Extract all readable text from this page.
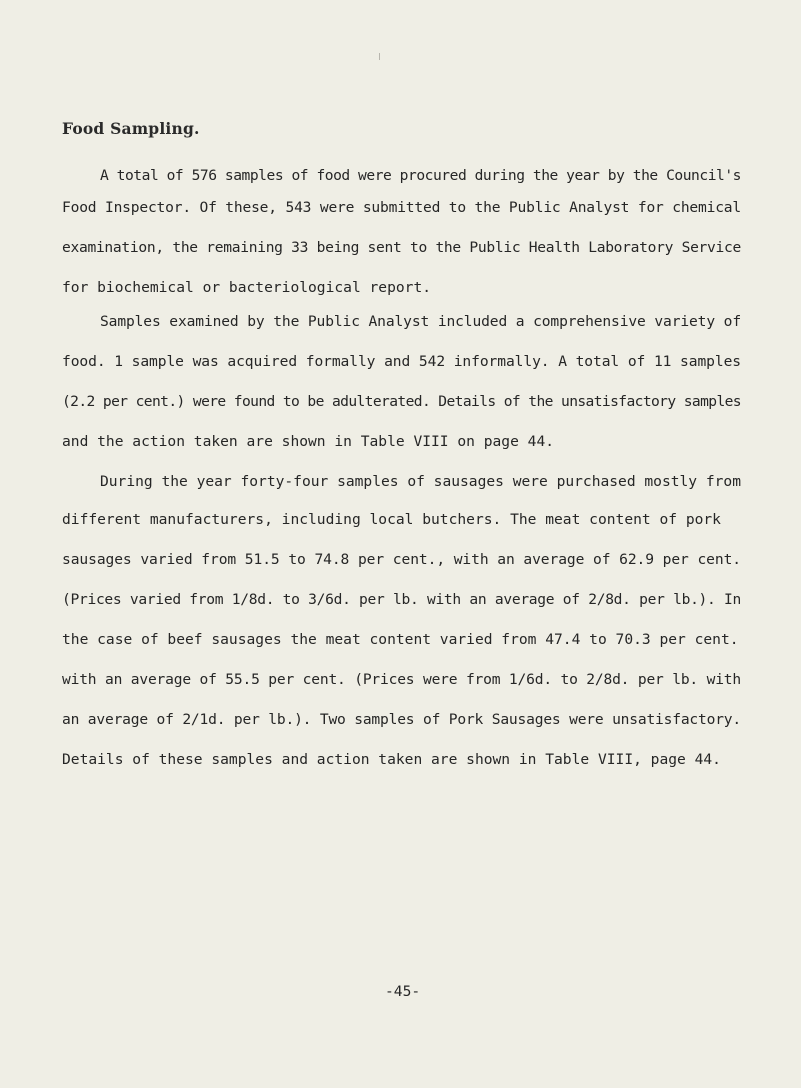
Food Sampling.
A total of 576 samples of food were procured during the year by the Council's
Food Inspector. Of these, 543 were submitted to the Public Analyst for chemical
examination, the remaining 33 being sent to the Public Health Laboratory Service
for biochemical or bacteriological report.
Samples examined by the Public Analyst included a comprehensive variety of
food. 1 sample was acquired formally and 542 informally. A total of 11 samples
(2.2 per cent.) were found to be adulterated. Details of the unsatisfactory samples
and the action taken are shown in Table VIII on page 44.
During the year forty-four samples of sausages were purchased mostly from
different manufacturers, including local butchers. The meat content of pork
sausages varied from 51.5 to 74.8 per cent., with an average of 62.9 per cent.
(Prices varied from 1/8d. to 3/6d. per lb. with an average of 2/8d. per lb.). In
the case of beef sausages the meat content varied from 47.4 to 70.3 per cent.
with an average of 55.5 per cent. (Prices were from 1/6d. to 2/8d. per lb. with
an average of 2/1d. per lb.). Two samples of Pork Sausages were unsatisfactory.
Details of these samples and action taken are shown in Table VIII, page 44.
-45-
